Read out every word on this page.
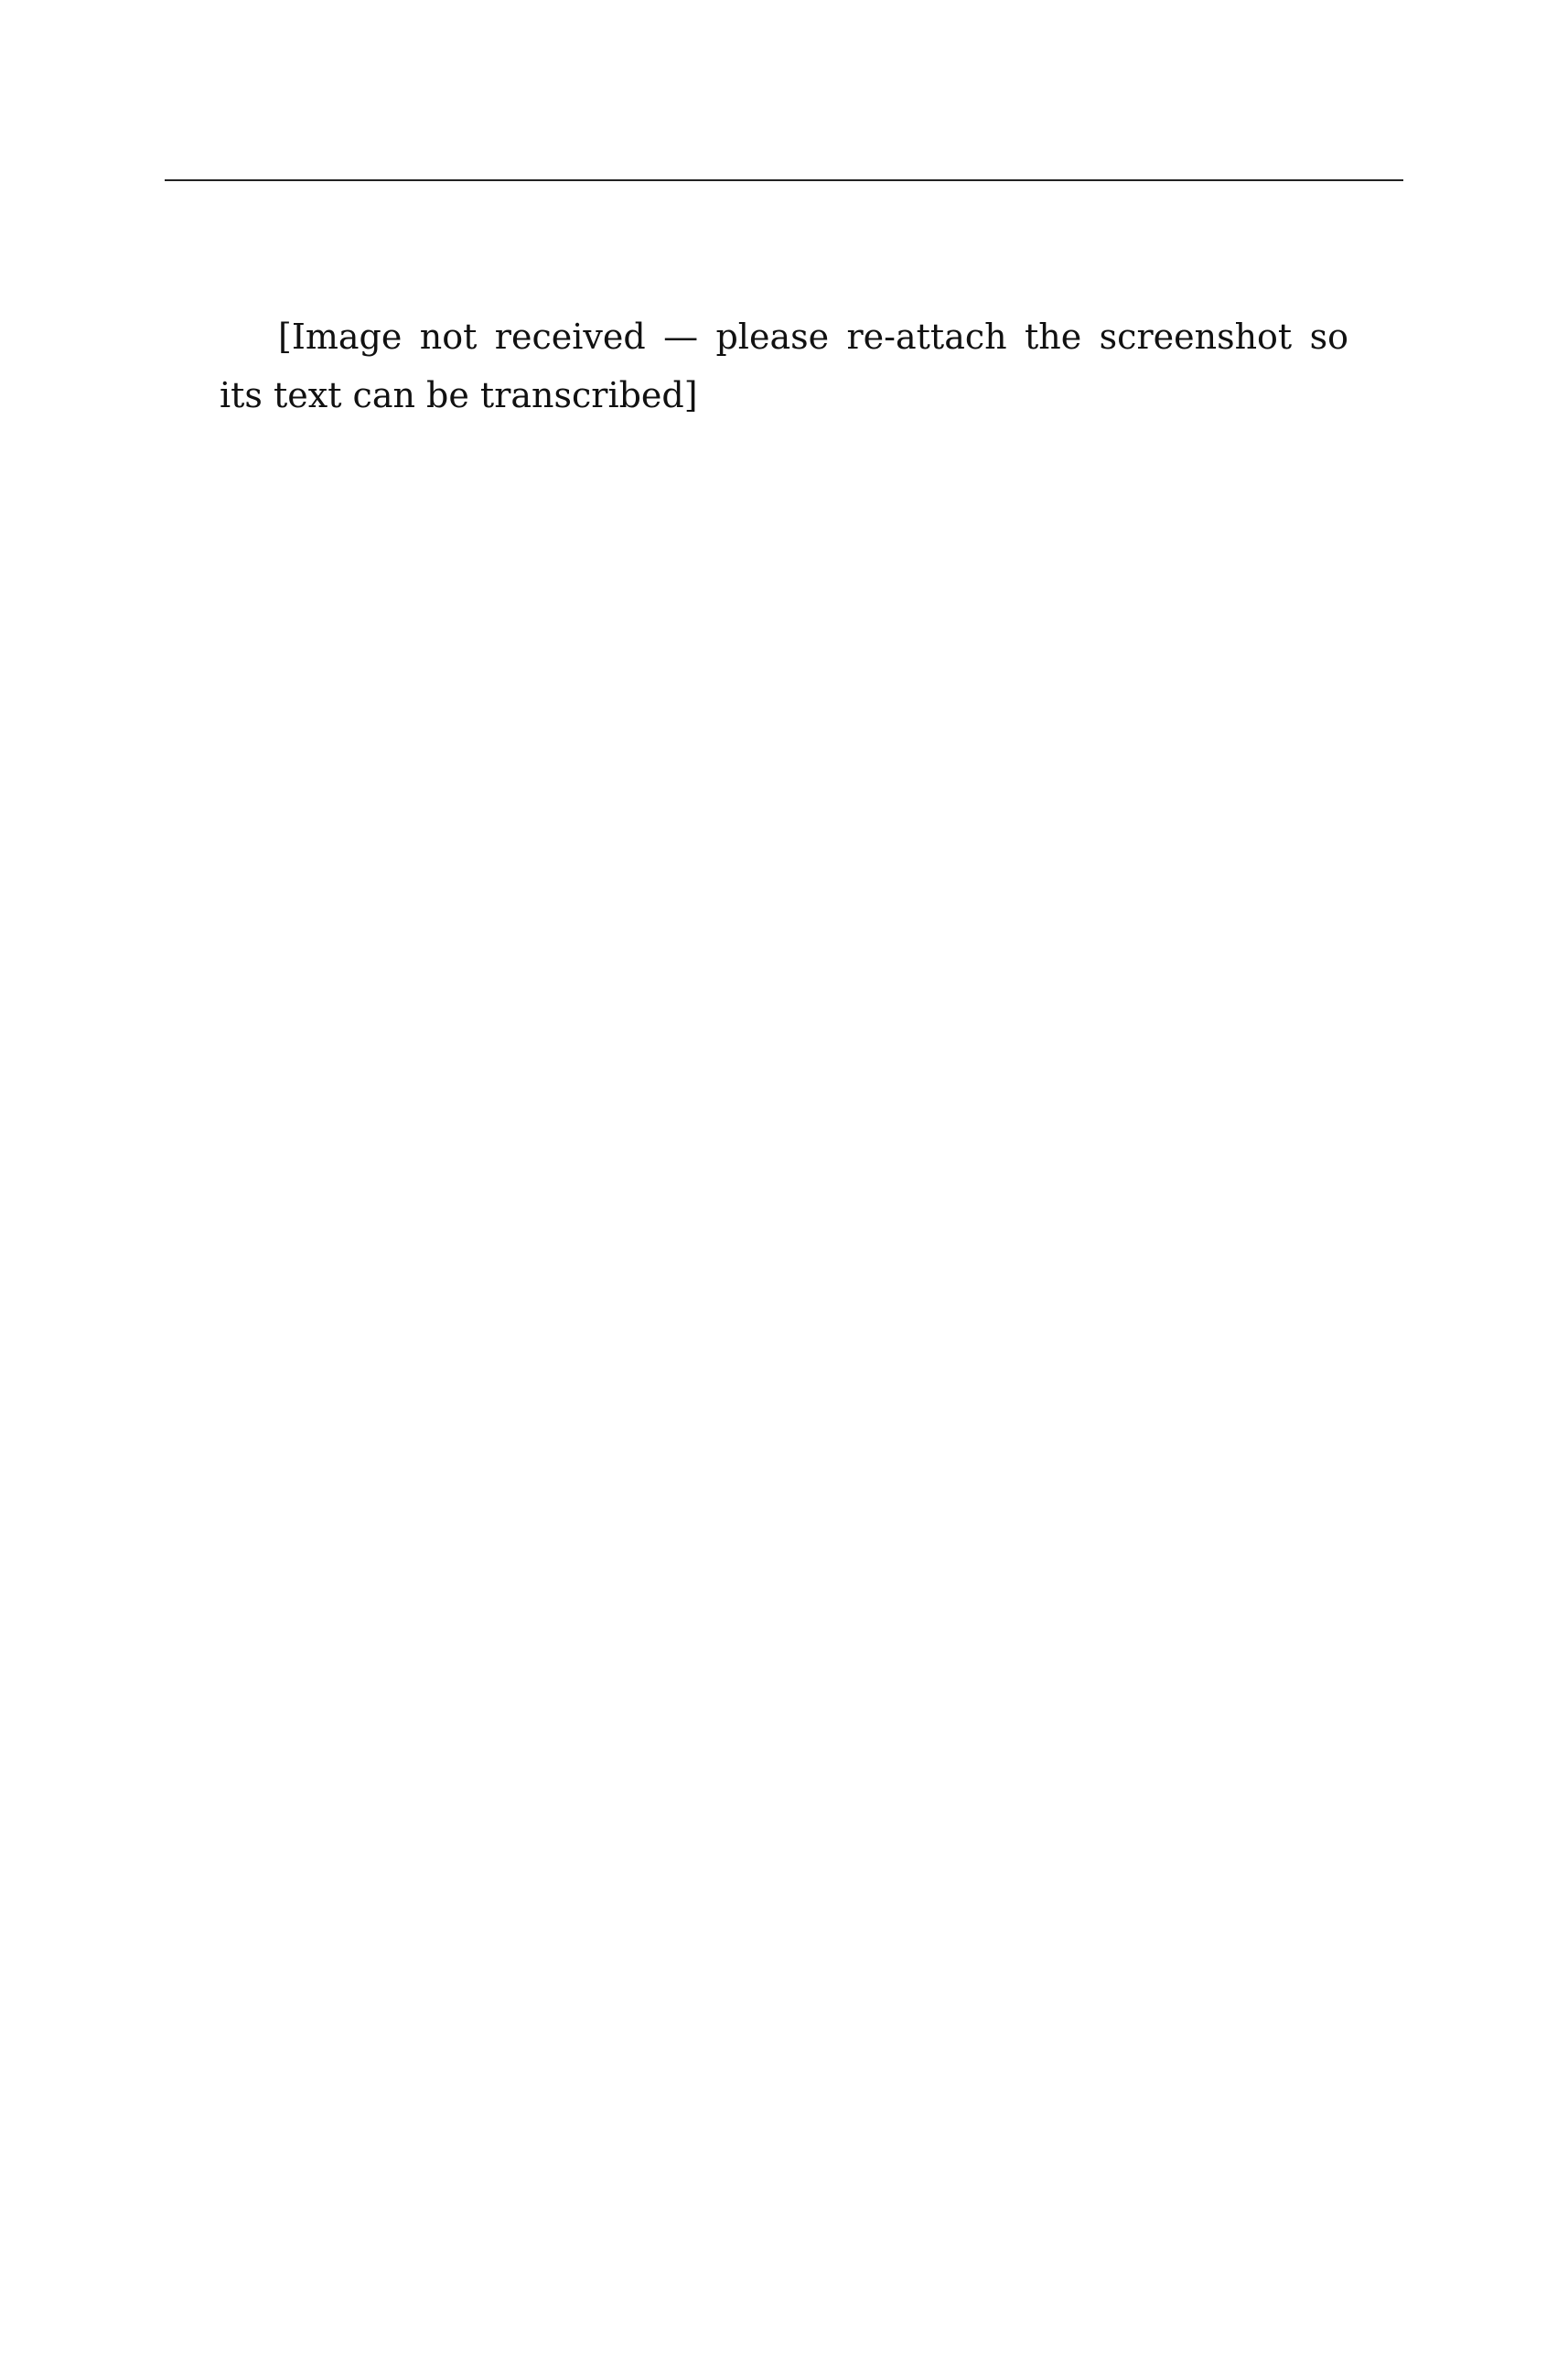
[Image not received — please re-attach the screenshot so its text can be transcribed]
